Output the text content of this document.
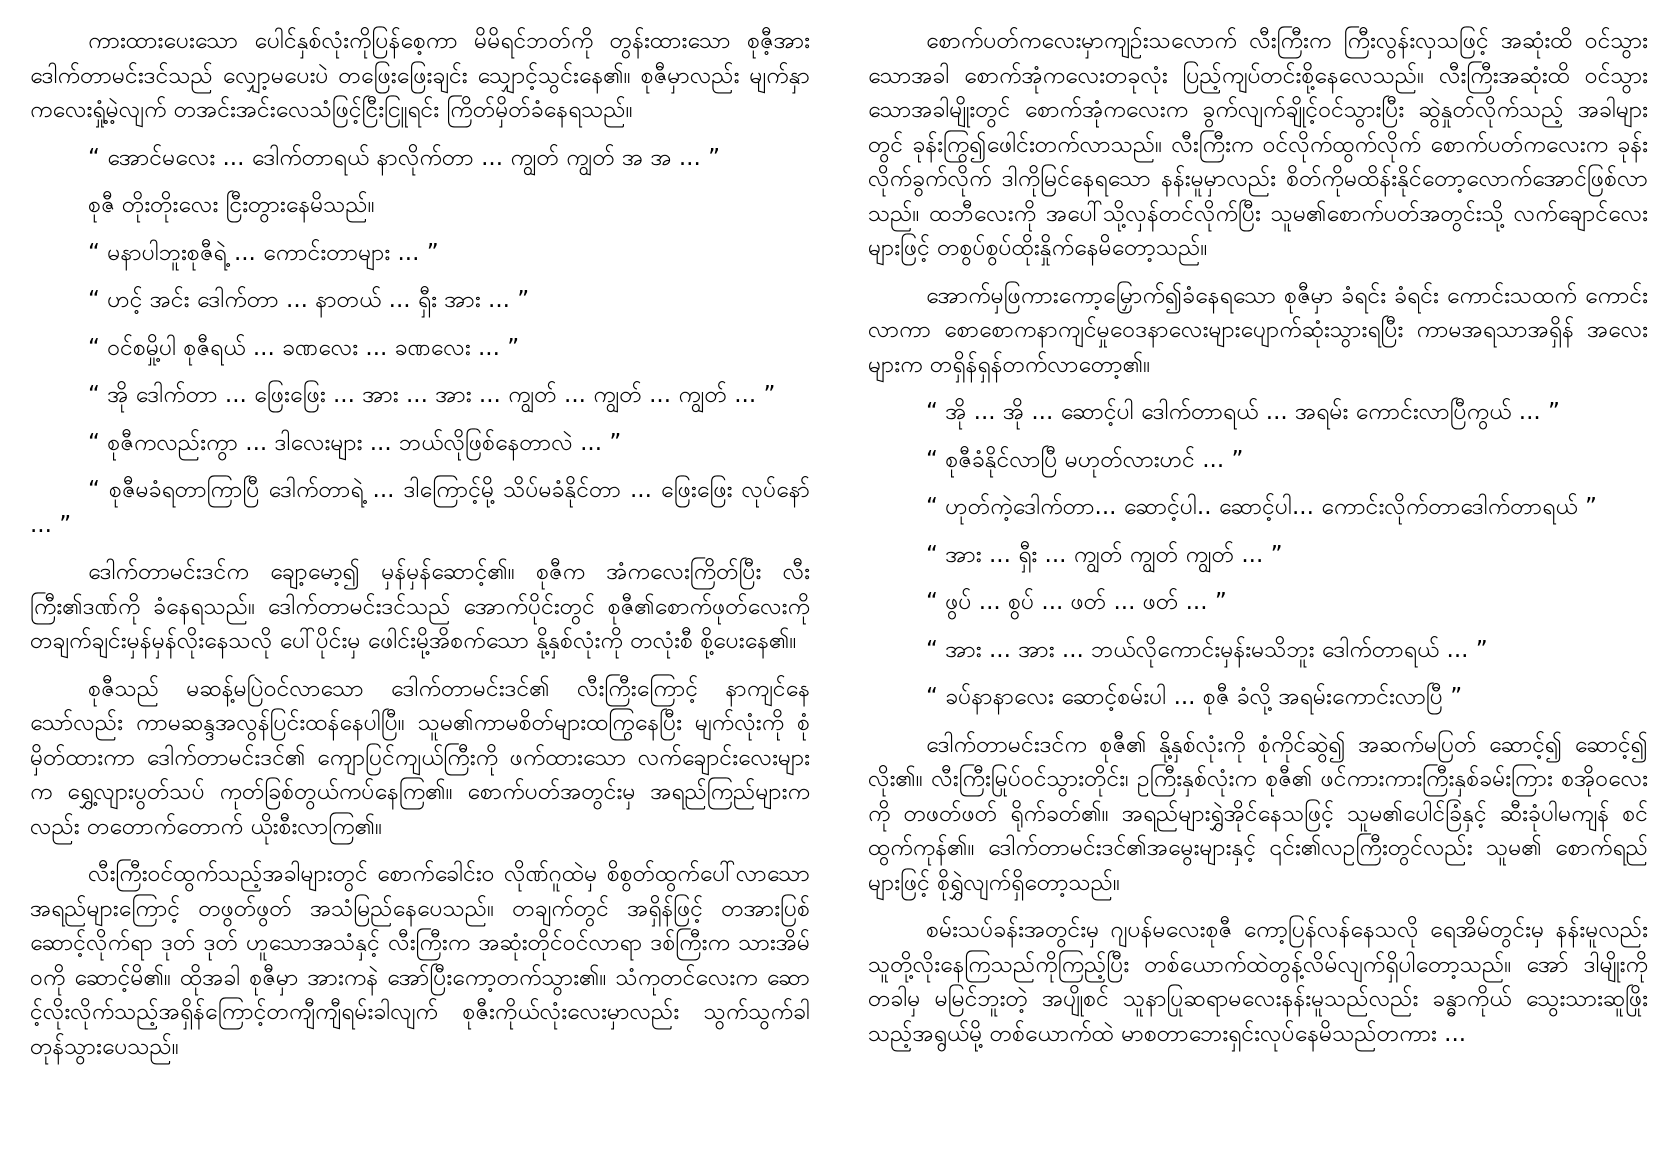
ကားထားပေးသော ပေါင်နှစ်လုံးကိုပြန်စေ့ကာ မိမိရင်ဘတ်ကို တွန်းထားသော စုဇီ့အား ဒေါက်တာမင်းဒင်သည် လျှော့မပေးပဲ တဖြေးဖြေးချင်း သျှောင့်သွင်းနေ၏။ စုဇီမှာလည်း မျက်နှာကလေးရှုံ့မဲ့လျက် တအင်းအင်းလေသံဖြင့်ငြီးငြူရင်း ကြိတ်မှိတ်ခံနေရသည်။

“ အောင်မလေး ... ဒေါက်တာရယ် နာလိုက်တာ ... ကျွတ် ကျွတ် အ အ ... ”

စုဇီ တိုးတိုးလေး ငြီးတွားနေမိသည်။

“ မနာပါဘူးစုဇီရဲ့ ... ကောင်းတာများ ... ”

“ ဟင့် အင်း ဒေါက်တာ ... နာတယ် ... ရှီး အား ... ”

“ ဝင်စမှို့ပါ စုဇီရယ် ... ခဏလေး ... ခဏလေး ... ”

“ အို ဒေါက်တာ ... ဖြေးဖြေး ... အား ... အား ... ကျွတ် ... ကျွတ် ... ကျွတ် ... ”

“ စုဇီကလည်းကွာ ... ဒါလေးများ ... ဘယ်လိုဖြစ်နေတာလဲ ... ”

“ စုဇီမခံရတာကြာပြီ ဒေါက်တာရဲ့ ... ဒါကြောင့်မို့ သိပ်မခံနိုင်တာ ... ဖြေးဖြေး လုပ်နော် ... ”

ဒေါက်တာမင်းဒင်က ချော့မော့၍ မှန်မှန်ဆောင့်၏။ စုဇီက အံကလေးကြိတ်ပြီး လီးကြီး၏ဒဏ်ကို ခံနေရသည်။ ဒေါက်တာမင်းဒင်သည် အောက်ပိုင်းတွင် စုဇီ၏စောက်ဖုတ်လေးကို တချက်ချင်းမှန်မှန်လိုးနေသလို ပေါ်ပိုင်းမှ ဖေါင်းမို့အိစက်သော နို့နှစ်လုံးကို တလုံးစီ စို့ပေးနေ၏။

စုဇီသည် မဆန့်မပြဲဝင်လာသော ဒေါက်တာမင်းဒင်၏ လီးကြီးကြောင့် နာကျင်နေသော်လည်း ကာမဆန္ဒအလွန်ပြင်းထန်နေပါပြီ။ သူမ၏ကာမစိတ်များထကြွနေပြီး မျက်လုံးကို စုံမှိတ်ထားကာ ဒေါက်တာမင်းဒင်၏ ကျောပြင်ကျယ်ကြီးကို ဖက်ထားသော လက်ချောင်းလေးများက ရွှေ့လျားပွတ်သပ် ကုတ်ခြစ်တွယ်ကပ်နေကြ၏။ စောက်ပတ်အတွင်းမှ အရည်ကြည်များကလည်း တတောက်တောက် ယိုးစီးလာကြ၏။

လီးကြီးဝင်ထွက်သည့်အခါများတွင် စောက်ခေါင်းဝ လိုဏ်ဂူထဲမှ စိစွတ်ထွက်ပေါ်လာသော အရည်များကြောင့် တဖွတ်ဖွတ် အသံမြည်နေပေသည်။ တချက်တွင် အရှိန်ဖြင့် တအားပြစ်ဆောင့်လိုက်ရာ ဒုတ် ဒုတ် ဟူသောအသံနှင့် လီးကြီးက အဆုံးတိုင်ဝင်လာရာ ဒစ်ကြီးက သားအိမ်ဝကို ဆောင့်မိ၏။ ထိုအခါ စုဇီမှာ အားကနဲ အော်ပြီးကော့တက်သွား၏။ သံကုတင်လေးက ဆောင့်လိုးလိုက်သည့်အရှိန်ကြောင့်တကျီကျီရမ်းခါလျက် စုဇီးကိုယ်လုံးလေးမှာလည်း သွက်သွက်ခါ တုန်သွားပေသည်။

စောက်ပတ်ကလေးမှာကျဉ်းသလောက် လီးကြီးက ကြီးလွန်းလှသဖြင့် အဆုံးထိ ဝင်သွားသောအခါ စောက်အုံကလေးတခုလုံး ပြည့်ကျပ်တင်းစို့နေလေသည်။ လီးကြီးအဆုံးထိ ဝင်သွားသောအခါမျိုးတွင် စောက်အုံကလေးက ခွက်လျက်ချိုင့်ဝင်သွားပြီး ဆွဲနှုတ်လိုက်သည့် အခါများတွင် ခုန်းကြွ၍ဖေါင်းတက်လာသည်။ လီးကြီးက ဝင်လိုက်ထွက်လိုက် စောက်ပတ်ကလေးက ခုန်းလိုက်ခွက်လိုက် ဒါကိုမြင်နေရသော နန်းမူမှာလည်း စိတ်ကိုမထိန်းနိုင်တော့လောက်အောင်ဖြစ်လာသည်။ ထဘီလေးကို အပေါ်သို့လှန်တင်လိုက်ပြီး သူမ၏စောက်ပတ်အတွင်းသို့ လက်ချောင်လေးများဖြင့် တစွပ်စွပ်ထိုးနှိုက်နေမိတော့သည်။

အောက်မှဖြကားကော့မြှောက်၍ခံနေရသော စုဇီမှာ ခံရင်း ခံရင်း ကောင်းသထက် ကောင်းလာကာ စောစောကနာကျင်မှုဝေဒနာလေးများပျောက်ဆုံးသွားရပြီး ကာမအရသာအရှိန် အလေးများက တရှိန်ရှန်တက်လာတော့၏။

“ အို ... အို ... ဆောင့်ပါ ဒေါက်တာရယ် ... အရမ်း ကောင်းလာပြီကွယ် ... ”

“ စုဇီခံနိုင်လာပြီ မဟုတ်လားဟင် ... ”

“ ဟုတ်ကဲ့ဒေါက်တာ... ဆောင့်ပါ.. ဆောင့်ပါ... ကောင်းလိုက်တာဒေါက်တာရယ် ”

“ အား ... ရှီး ... ကျွတ် ကျွတ် ကျွတ် ... ”

“ ဖွပ် ... စွပ် ... ဖတ် ... ဖတ် ... ”

“ အား ... အား ... ဘယ်လိုကောင်းမှန်းမသိဘူး ဒေါက်တာရယ် ... ”

“ ခပ်နာနာလေး ဆောင့်စမ်းပါ ... စုဇီ ခံလို့ အရမ်းကောင်းလာပြီ ”

ဒေါက်တာမင်းဒင်က စုဇီ၏ နို့နှစ်လုံးကို စုံကိုင်ဆွဲ၍ အဆက်မပြတ် ဆောင့်၍ ဆောင့်၍ လိုး၏။ လီးကြီးမြုပ်ဝင်သွားတိုင်း၊ ဥကြီးနှစ်လုံးက စုဇီ၏ ဖင်ကားကားကြီးနှစ်ခမ်းကြား စအိုဝလေးကို တဖတ်ဖတ် ရိုက်ခတ်၏။ အရည်များရွှဲအိုင်နေသဖြင့် သူမ၏ပေါင်ခြံနှင့် ဆီးခုံပါမကျန် စင်ထွက်ကုန်၏။ ဒေါက်တာမင်းဒင်၏အမွေးများနှင့် ၎င်း၏လဥကြီးတွင်လည်း သူမ၏ စောက်ရည်များဖြင့် စိုရွှဲလျက်ရှိတော့သည်။

စမ်းသပ်ခန်းအတွင်းမှ ဂျပန်မလေးစုဇီ ကော့ပြန်လန်နေသလို ရေအိမ်တွင်းမှ နန်းမူလည်း သူတို့လိုးနေကြသည်ကိုကြည့်ပြီး တစ်ယောက်ထဲတွန့်လိမ်လျက်ရှိပါတော့သည်။ အော် ဒါမျိုးကို တခါမှ မမြင်ဘူးတဲ့ အပျိုစင် သူနာပြုဆရာမလေးနန်းမူသည်လည်း ခန္ဓာကိုယ် သွေးသားဆူဖြိုးသည့်အရွယ်မို့ တစ်ယောက်ထဲ မာစတာဘေးရှင်းလုပ်နေမိသည်တကား ...
